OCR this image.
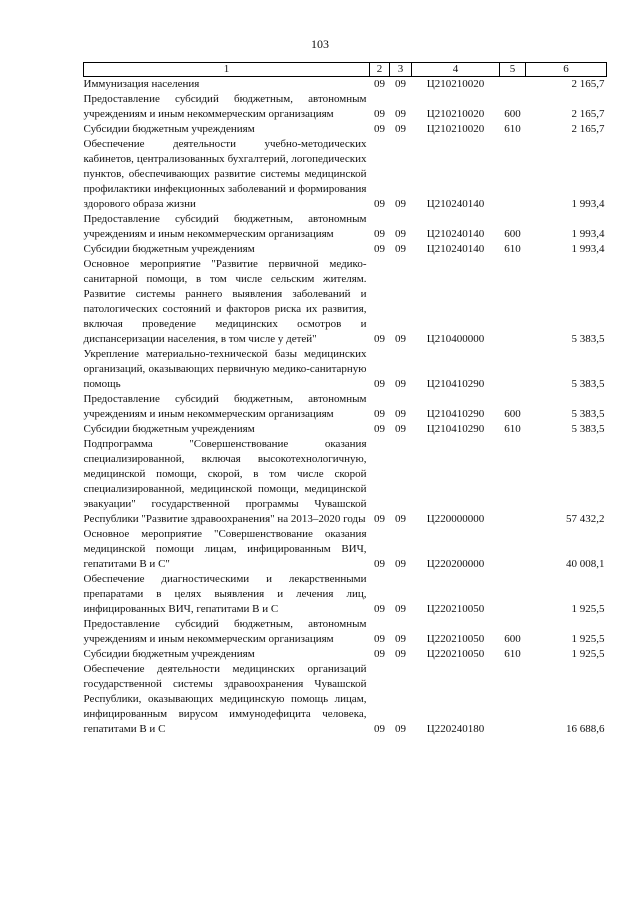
103
1	2	3	4	5	6
Иммунизация населения	09	09	Ц210210020		2 165,7
Предоставление субсидий бюджетным, автономным учреждениям и иным некоммерческим организациям	09	09	Ц210210020	600	2 165,7
Субсидии бюджетным учреждениям	09	09	Ц210210020	610	2 165,7
Обеспечение деятельности учебно-методических кабинетов, централизованных бухгалтерий, логопедических пунктов, обеспечивающих развитие системы медицинской профилактики инфекционных заболеваний и формирования здорового образа жизни	09	09	Ц210240140		1 993,4
Предоставление субсидий бюджетным, автономным учреждениям и иным некоммерческим организациям	09	09	Ц210240140	600	1 993,4
Субсидии бюджетным учреждениям	09	09	Ц210240140	610	1 993,4
Основное мероприятие "Развитие первичной медико-санитарной помощи, в том числе сельским жителям. Развитие системы раннего выявления заболеваний и патологических состояний и факторов риска их развития, включая проведение медицинских осмотров и диспансеризации населения, в том числе у детей"	09	09	Ц210400000		5 383,5
Укрепление материально-технической базы медицинских организаций, оказывающих первичную медико-санитарную помощь	09	09	Ц210410290		5 383,5
Предоставление субсидий бюджетным, автономным учреждениям и иным некоммерческим организациям	09	09	Ц210410290	600	5 383,5
Субсидии бюджетным учреждениям	09	09	Ц210410290	610	5 383,5
Подпрограмма "Совершенствование оказания специализированной, включая высокотехнологичную, медицинской помощи, скорой, в том числе скорой специализированной, медицинской помощи, медицинской эвакуации" государственной программы Чувашской Республики "Развитие здравоохранения" на 2013–2020 годы	09	09	Ц220000000		57 432,2
Основное мероприятие "Совершенствование оказания медицинской помощи лицам, инфицированным ВИЧ, гепатитами B и C"	09	09	Ц220200000		40 008,1
Обеспечение диагностическими и лекарственными препаратами в целях выявления и лечения лиц, инфицированных ВИЧ, гепатитами B и C	09	09	Ц220210050		1 925,5
Предоставление субсидий бюджетным, автономным учреждениям и иным некоммерческим организациям	09	09	Ц220210050	600	1 925,5
Субсидии бюджетным учреждениям	09	09	Ц220210050	610	1 925,5
Обеспечение деятельности медицинских организаций государственной системы здравоохранения Чувашской Республики, оказывающих медицинскую помощь лицам, инфицированным вирусом иммунодефицита человека, гепатитами B и C	09	09	Ц220240180		16 688,6
